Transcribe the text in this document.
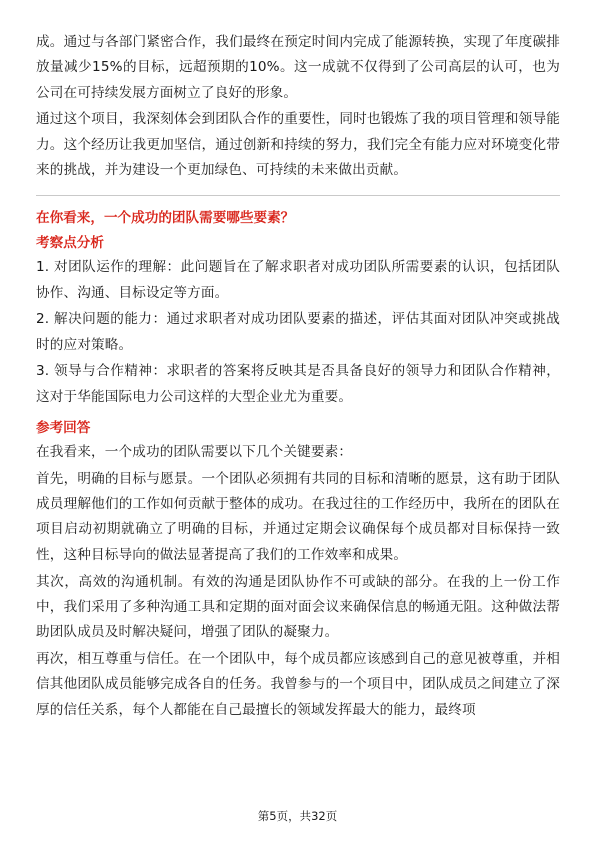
成。通过与各部门紧密合作，我们最终在预定时间内完成了能源转换，实现了年度碳排放量减少15%的目标，远超预期的10%。这一成就不仅得到了公司高层的认可，也为公司在可持续发展方面树立了良好的形象。

通过这个项目，我深刻体会到团队合作的重要性，同时也锻炼了我的项目管理和领导能力。这个经历让我更加坚信，通过创新和持续的努力，我们完全有能力应对环境变化带来的挑战，并为建设一个更加绿色、可持续的未来做出贡献。

在你看来，一个成功的团队需要哪些要素？

考察点分析

1. 对团队运作的理解：此问题旨在了解求职者对成功团队所需要素的认识，包括团队协作、沟通、目标设定等方面。

2. 解决问题的能力：通过求职者对成功团队要素的描述，评估其面对团队冲突或挑战时的应对策略。

3. 领导与合作精神：求职者的答案将反映其是否具备良好的领导力和团队合作精神，这对于华能国际电力公司这样的大型企业尤为重要。

参考回答

在我看来，一个成功的团队需要以下几个关键要素：

首先，明确的目标与愿景。一个团队必须拥有共同的目标和清晰的愿景，这有助于团队成员理解他们的工作如何贡献于整体的成功。在我过往的工作经历中，我所在的团队在项目启动初期就确立了明确的目标，并通过定期会议确保每个成员都对目标保持一致性，这种目标导向的做法显著提高了我们的工作效率和成果。

其次，高效的沟通机制。有效的沟通是团队协作不可或缺的部分。在我的上一份工作中，我们采用了多种沟通工具和定期的面对面会议来确保信息的畅通无阻。这种做法帮助团队成员及时解决疑问，增强了团队的凝聚力。

再次，相互尊重与信任。在一个团队中，每个成员都应该感到自己的意见被尊重，并相信其他团队成员能够完成各自的任务。我曾参与的一个项目中，团队成员之间建立了深厚的信任关系，每个人都能在自己最擅长的领域发挥最大的能力，最终项

第5页，共32页
